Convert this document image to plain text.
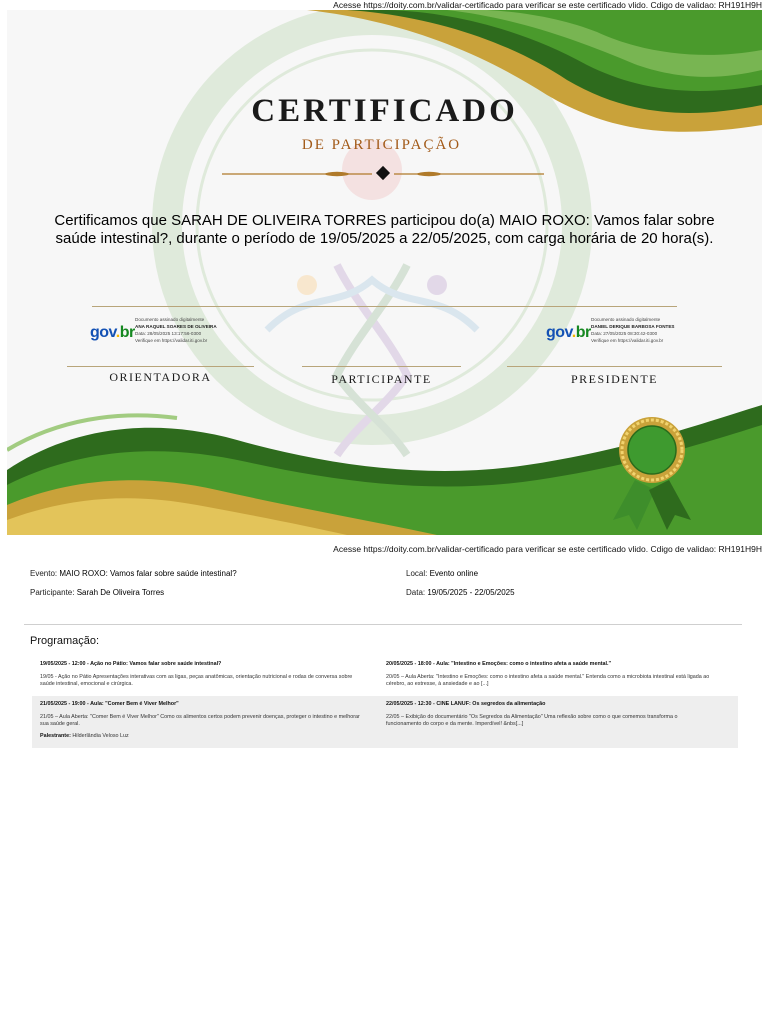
Acesse https://doity.com.br/validar-certificado para verificar se este certificado vlido. Cdigo de validao: RH191H9H
CERTIFICADO
DE PARTICIPAÇÃO
Certificamos que SARAH DE OLIVEIRA TORRES participou do(a) MAIO ROXO: Vamos falar sobre saúde intestinal?, durante o período de 19/05/2025 a 22/05/2025, com carga horária de 20 hora(s).
gov.br
Documento assinado digitalmente
ANA RAQUEL SOARES DE OLIVEIRA
Data: 28/05/2025 13:17:56-0300
Verifique em https://validar.iti.gov.br	gov.br
Documento assinado digitalmente
DANIEL DERIQUE BARBOSA FONTES
Data: 27/05/2025 08:30:42-0300
Verifique em https://validar.iti.gov.br
ORIENTADORA	PARTICIPANTE	PRESIDENTE
Acesse https://doity.com.br/validar-certificado para verificar se este certificado vlido. Cdigo de validao: RH191H9H
Evento: MAIO ROXO: Vamos falar sobre saúde intestinal?
Participante: Sarah De Oliveira Torres
Local: Evento online
Data: 19/05/2025 - 22/05/2025
Programação:
19/05/2025 - 12:00 - Ação no Pátio: Vamos falar sobre saúde intestinal?
19/05 - Ação no Pátio Apresentações interativas com as ligas, peças anatômicas, orientação nutricional e rodas de conversa sobre saúde intestinal, emocional e cirúrgica.
20/05/2025 - 18:00 - Aula: "Intestino e Emoções: como o intestino afeta a saúde mental."
20/05 – Aula Aberta: "Intestino e Emoções: como o intestino afeta a saúde mental." Entenda como a microbiota intestinal está ligada ao cérebro, ao estresse, à ansiedade e ao [...]
21/05/2025 - 19:00 - Aula: "Comer Bem é Viver Melhor"
21/05 – Aula Aberta: "Comer Bem é Viver Melhor" Como os alimentos certos podem prevenir doenças, proteger o intestino e melhorar sua saúde geral.
Palestrante: Hilderlândia Veloso Luz
22/05/2025 - 12:30 - CINE LANUF: Os segredos da alimentação
22/05 – Exibição do documentário "Os Segredos da Alimentação" Uma reflexão sobre como o que comemos transforma o funcionamento do corpo e da mente. Imperdível! &nbs[...]
